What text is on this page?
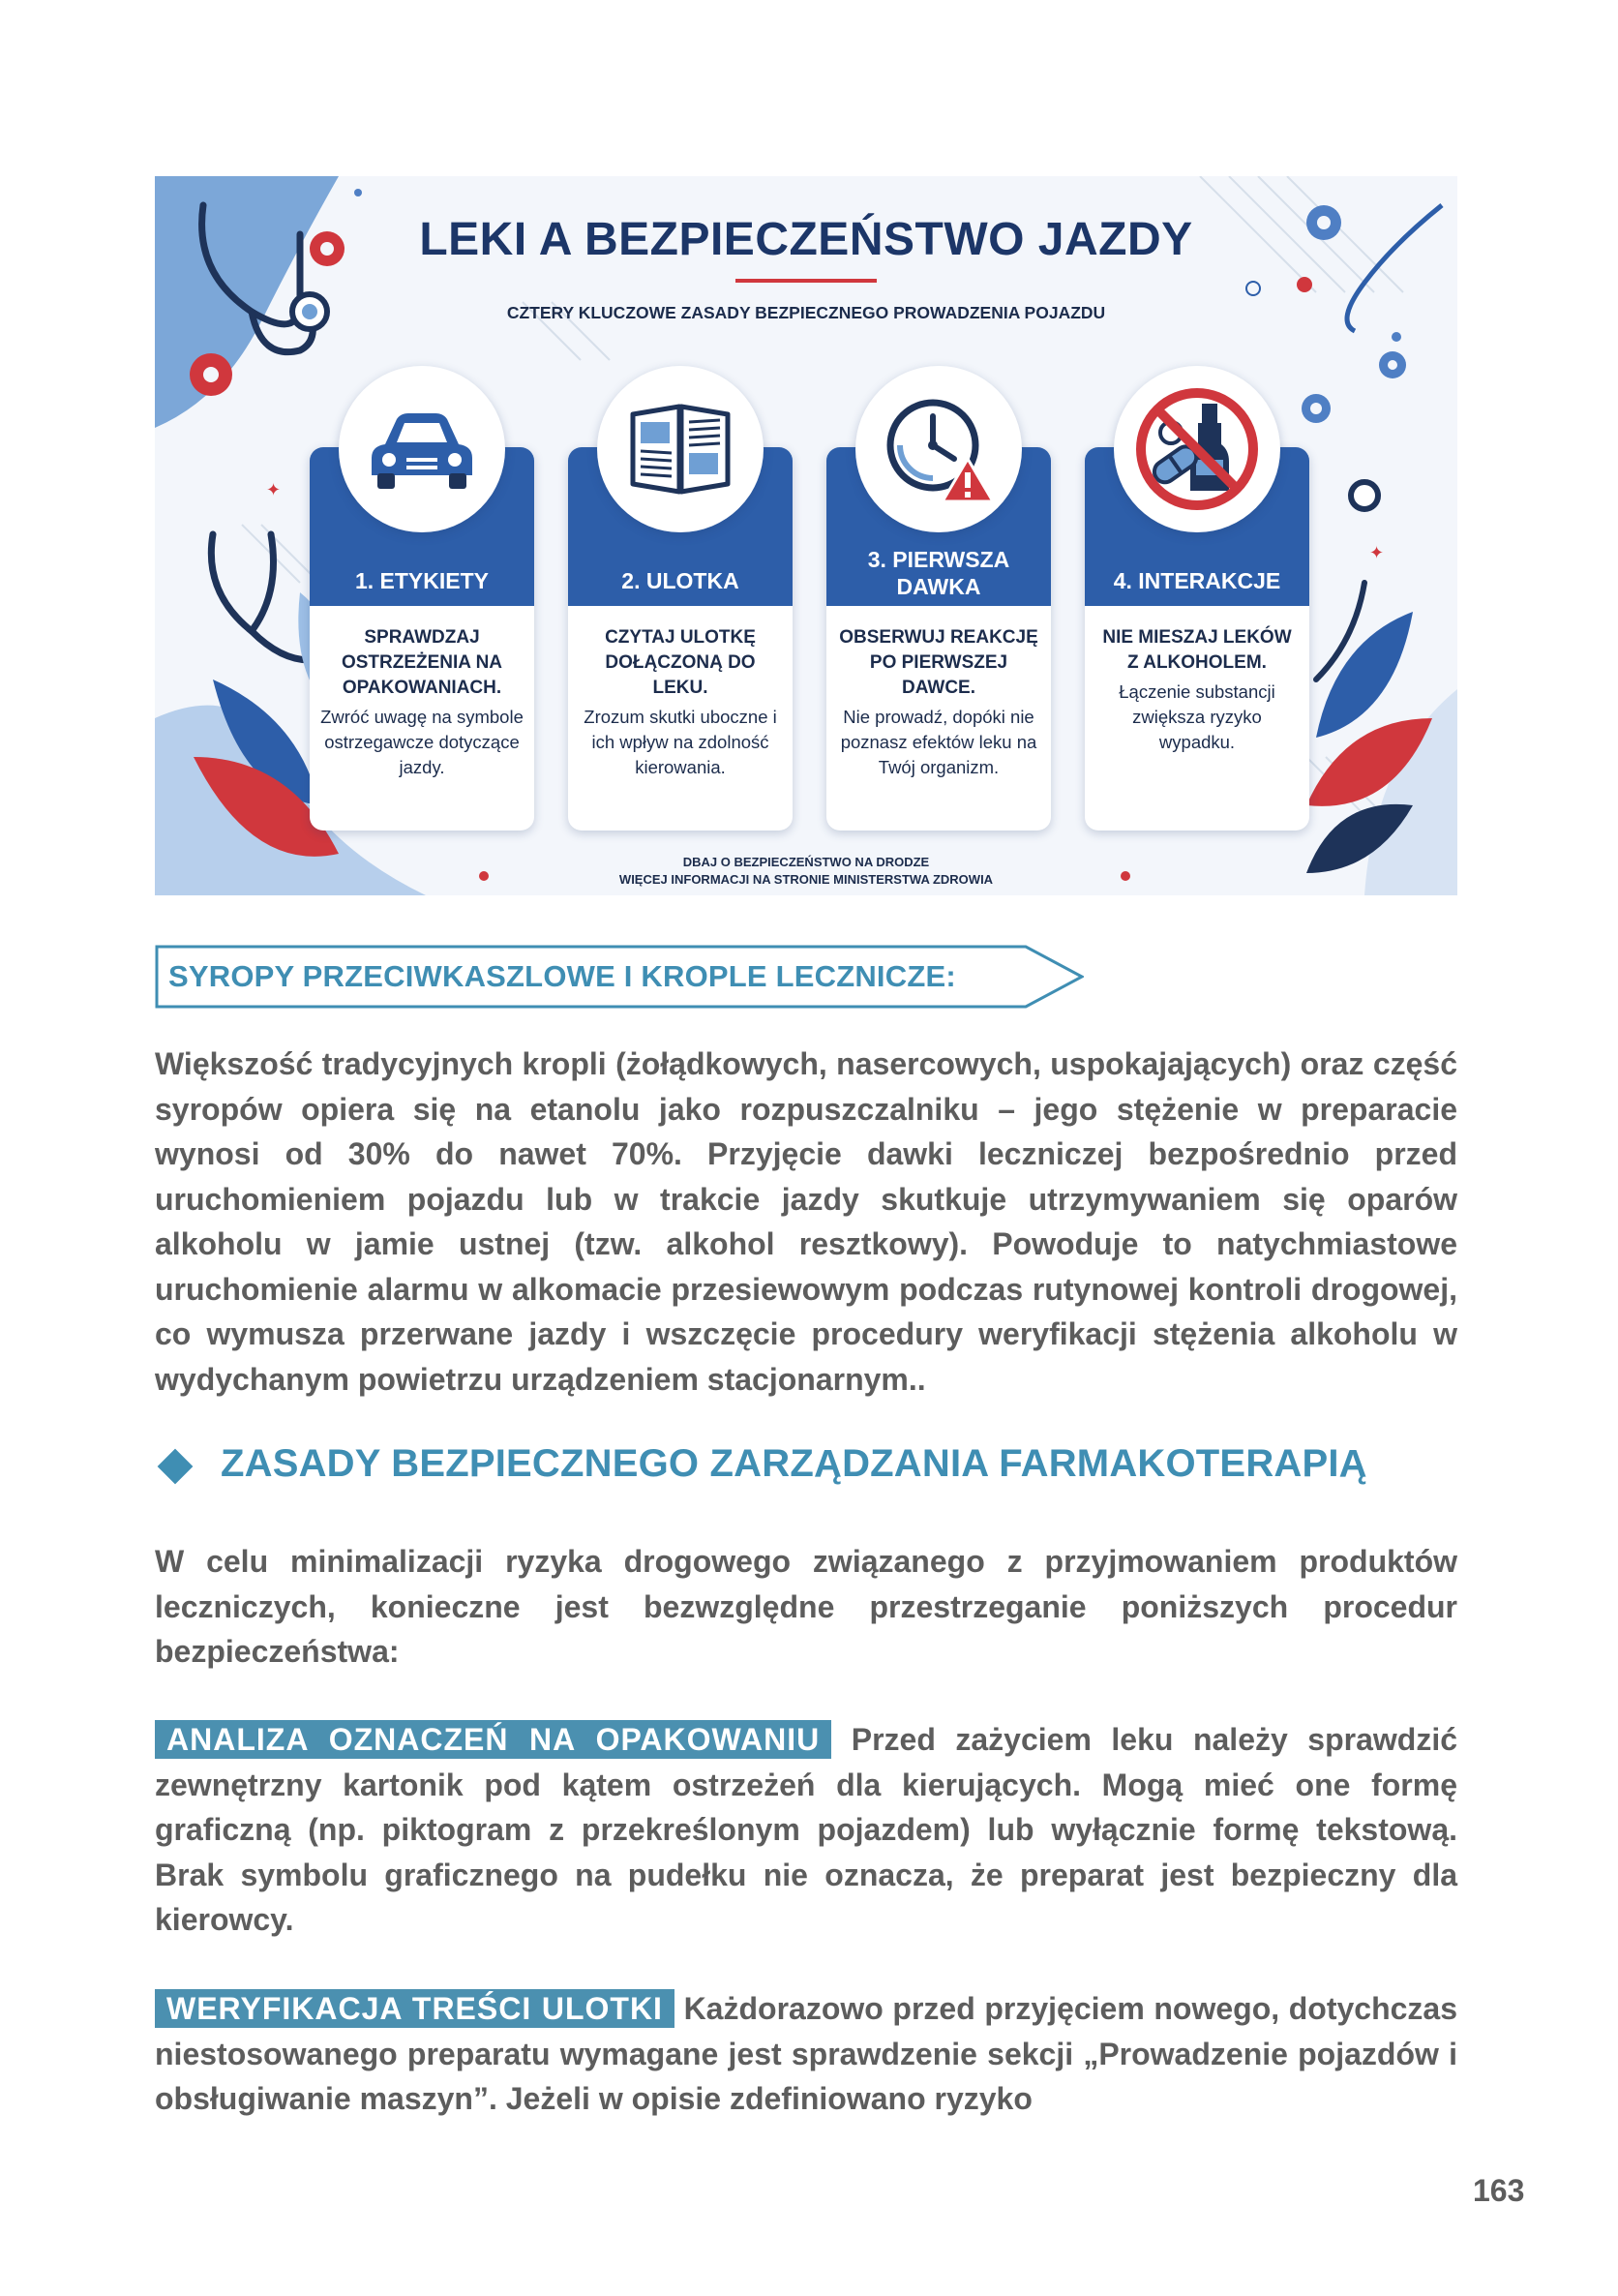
✦
✦
LEKI A BEZPIECZEŃSTWO JAZDY
CZTERY KLUCZOWE ZASADY BEZPIECZNEGO PROWADZENIA POJAZDU
1. ETYKIETY
SPRAWDZAJ OSTRZEŻENIA NA OPAKOWANIACH.
Zwróć uwagę na symbole ostrzegawcze dotyczące jazdy.
2. ULOTKA
CZYTAJ ULOTKĘ DOŁĄCZONĄ DO LEKU.
Zrozum skutki uboczne i ich wpływ na zdolność kierowania.
3. PIERWSZA DAWKA
OBSERWUJ REAKCJĘ PO PIERWSZEJ DAWCE.
Nie prowadź, dopóki nie poznasz efektów leku na Twój organizm.
4. INTERAKCJE
NIE MIESZAJ LEKÓW Z ALKOHOLEM.
Łączenie substancji zwiększa ryzyko wypadku.
DBAJ O BEZPIECZEŃSTWO NA DRODZE
WIĘCEJ INFORMACJI NA STRONIE MINISTERSTWA ZDROWIA
SYROPY PRZECIWKASZLOWE I KROPLE LECZNICZE:

Większość tradycyjnych kropli (żołądkowych, nasercowych, uspokajających) oraz część syropów opiera się na etanolu jako rozpuszczalniku – jego stężenie w preparacie wynosi od 30% do nawet 70%. Przyjęcie dawki leczniczej bezpośrednio przed uruchomieniem pojazdu lub w trakcie jazdy skutkuje utrzymywaniem się oparów alkoholu w jamie ustnej (tzw. alkohol resztkowy). Powoduje to natychmiastowe uruchomienie alarmu w alkomacie przesiewowym podczas rutynowej kontroli drogowej, co wymusza przerwane jazdy i wszczęcie procedury weryfikacji stężenia alkoholu w wydychanym powietrzu urządzeniem stacjonarnym..

ZASADY BEZPIECZNEGO ZARZĄDZANIA FARMAKOTERAPIĄ

W celu minimalizacji ryzyka drogowego związanego z przyjmowaniem produktów leczniczych, konieczne jest bezwzględne przestrzeganie poniższych procedur bezpieczeństwa:

ANALIZA OZNACZEŃ NA OPAKOWANIU Przed zażyciem leku należy sprawdzić zewnętrzny kartonik pod kątem ostrzeżeń dla kierujących. Mogą mieć one formę graficzną (np. piktogram z przekreślonym pojazdem) lub wyłącznie formę tekstową. Brak symbolu graficznego na pudełku nie oznacza, że preparat jest bezpieczny dla kierowcy.

WERYFIKACJA TREŚCI ULOTKI Każdorazowo przed przyjęciem nowego, dotychczas niestosowanego preparatu wymagane jest sprawdzenie sekcji „Prowadzenie pojazdów i obsługiwanie maszyn”. Jeżeli w opisie zdefiniowano ryzyko

163
